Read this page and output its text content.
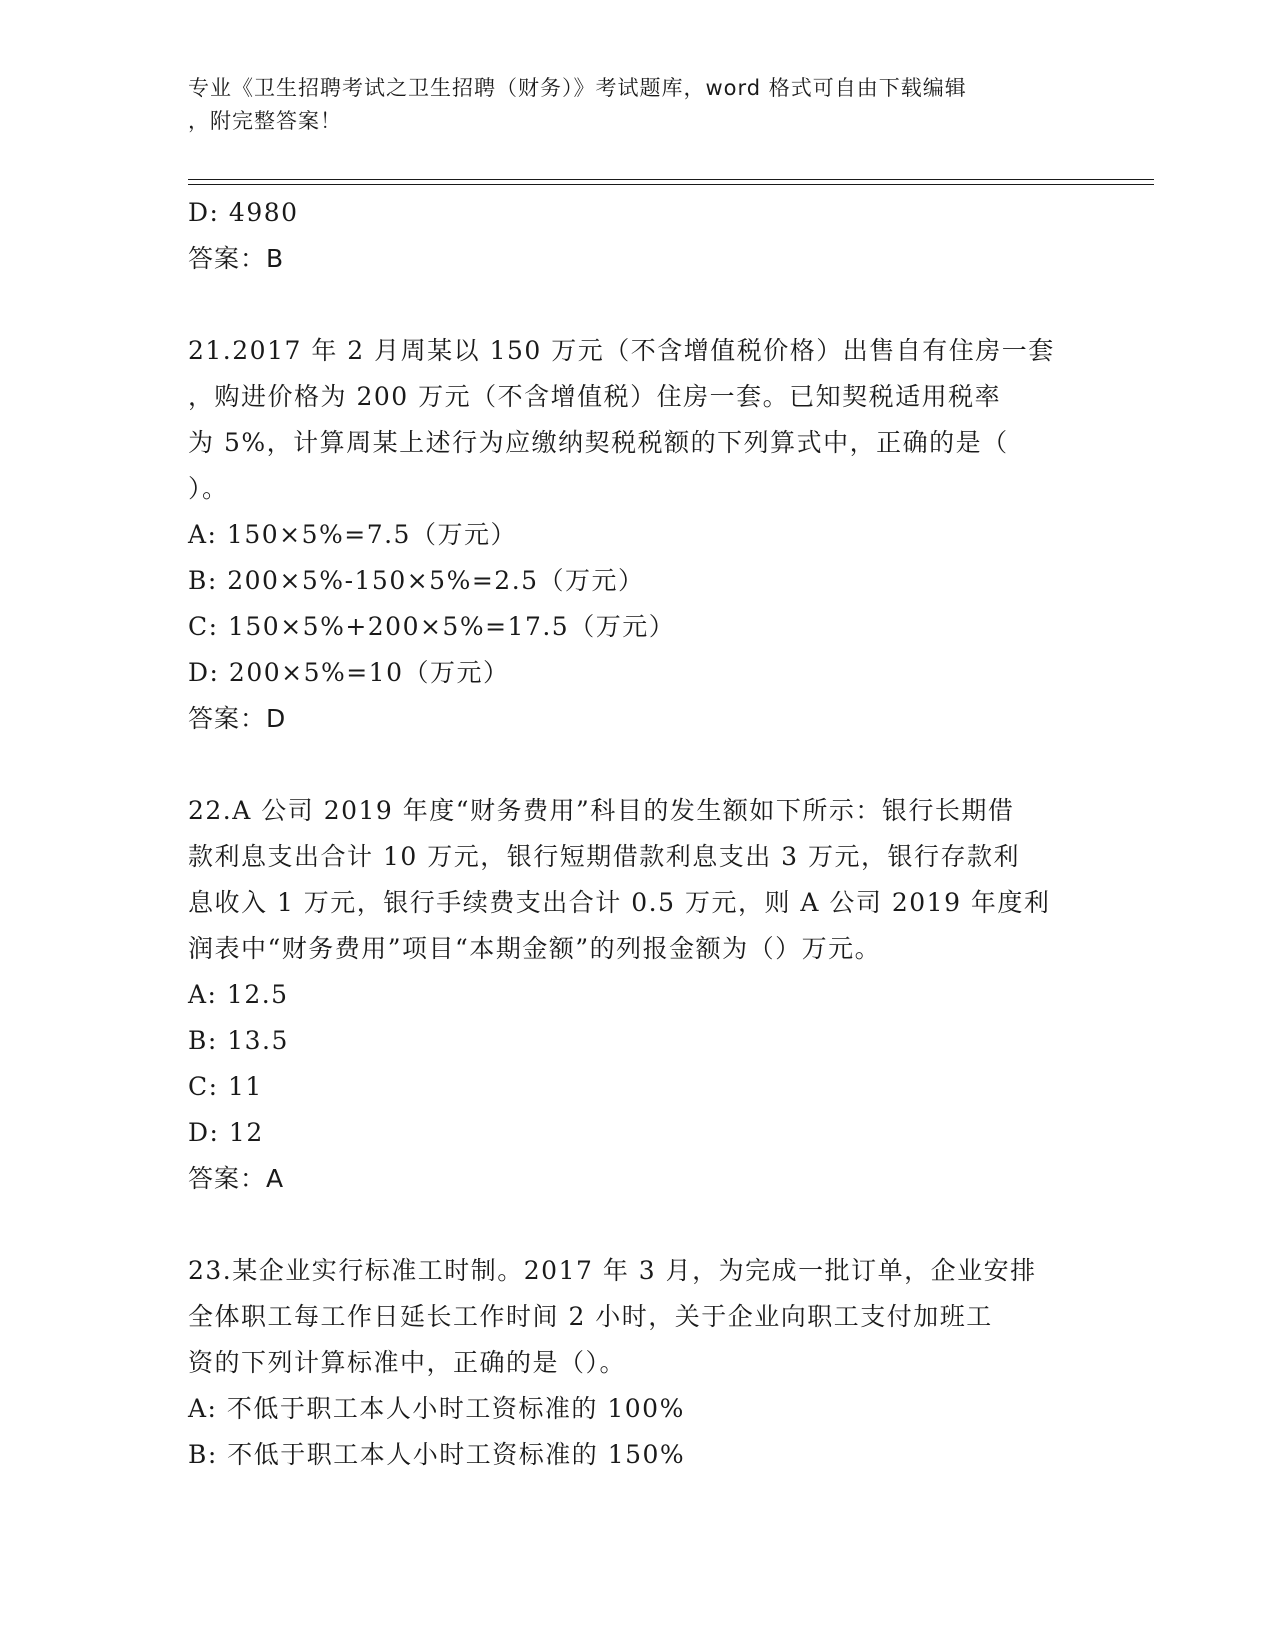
专业《卫生招聘考试之卫生招聘（财务）》考试题库，word 格式可自由下载编辑
，附完整答案！
D: 4980
答案：B
21.2017 年 2 月周某以 150 万元（不含增值税价格）出售自有住房一套
，购进价格为 200 万元（不含增值税）住房一套。已知契税适用税率
为 5%，计算周某上述行为应缴纳契税税额的下列算式中，正确的是（
）。
A: 150×5%=7.5（万元）
B: 200×5%-150×5%=2.5（万元）
C: 150×5%+200×5%=17.5（万元）
D: 200×5%=10（万元）
答案：D
22.A 公司 2019 年度“财务费用”科目的发生额如下所示：银行长期借
款利息支出合计 10 万元，银行短期借款利息支出 3 万元，银行存款利
息收入 1 万元，银行手续费支出合计 0.5 万元，则 A 公司 2019 年度利
润表中“财务费用”项目“本期金额”的列报金额为（）万元。
A: 12.5
B: 13.5
C: 11
D: 12
答案：A
23.某企业实行标准工时制。2017 年 3 月，为完成一批订单，企业安排
全体职工每工作日延长工作时间 2 小时，关于企业向职工支付加班工
资的下列计算标准中，正确的是（）。
A: 不低于职工本人小时工资标准的 100%
B: 不低于职工本人小时工资标准的 150%
